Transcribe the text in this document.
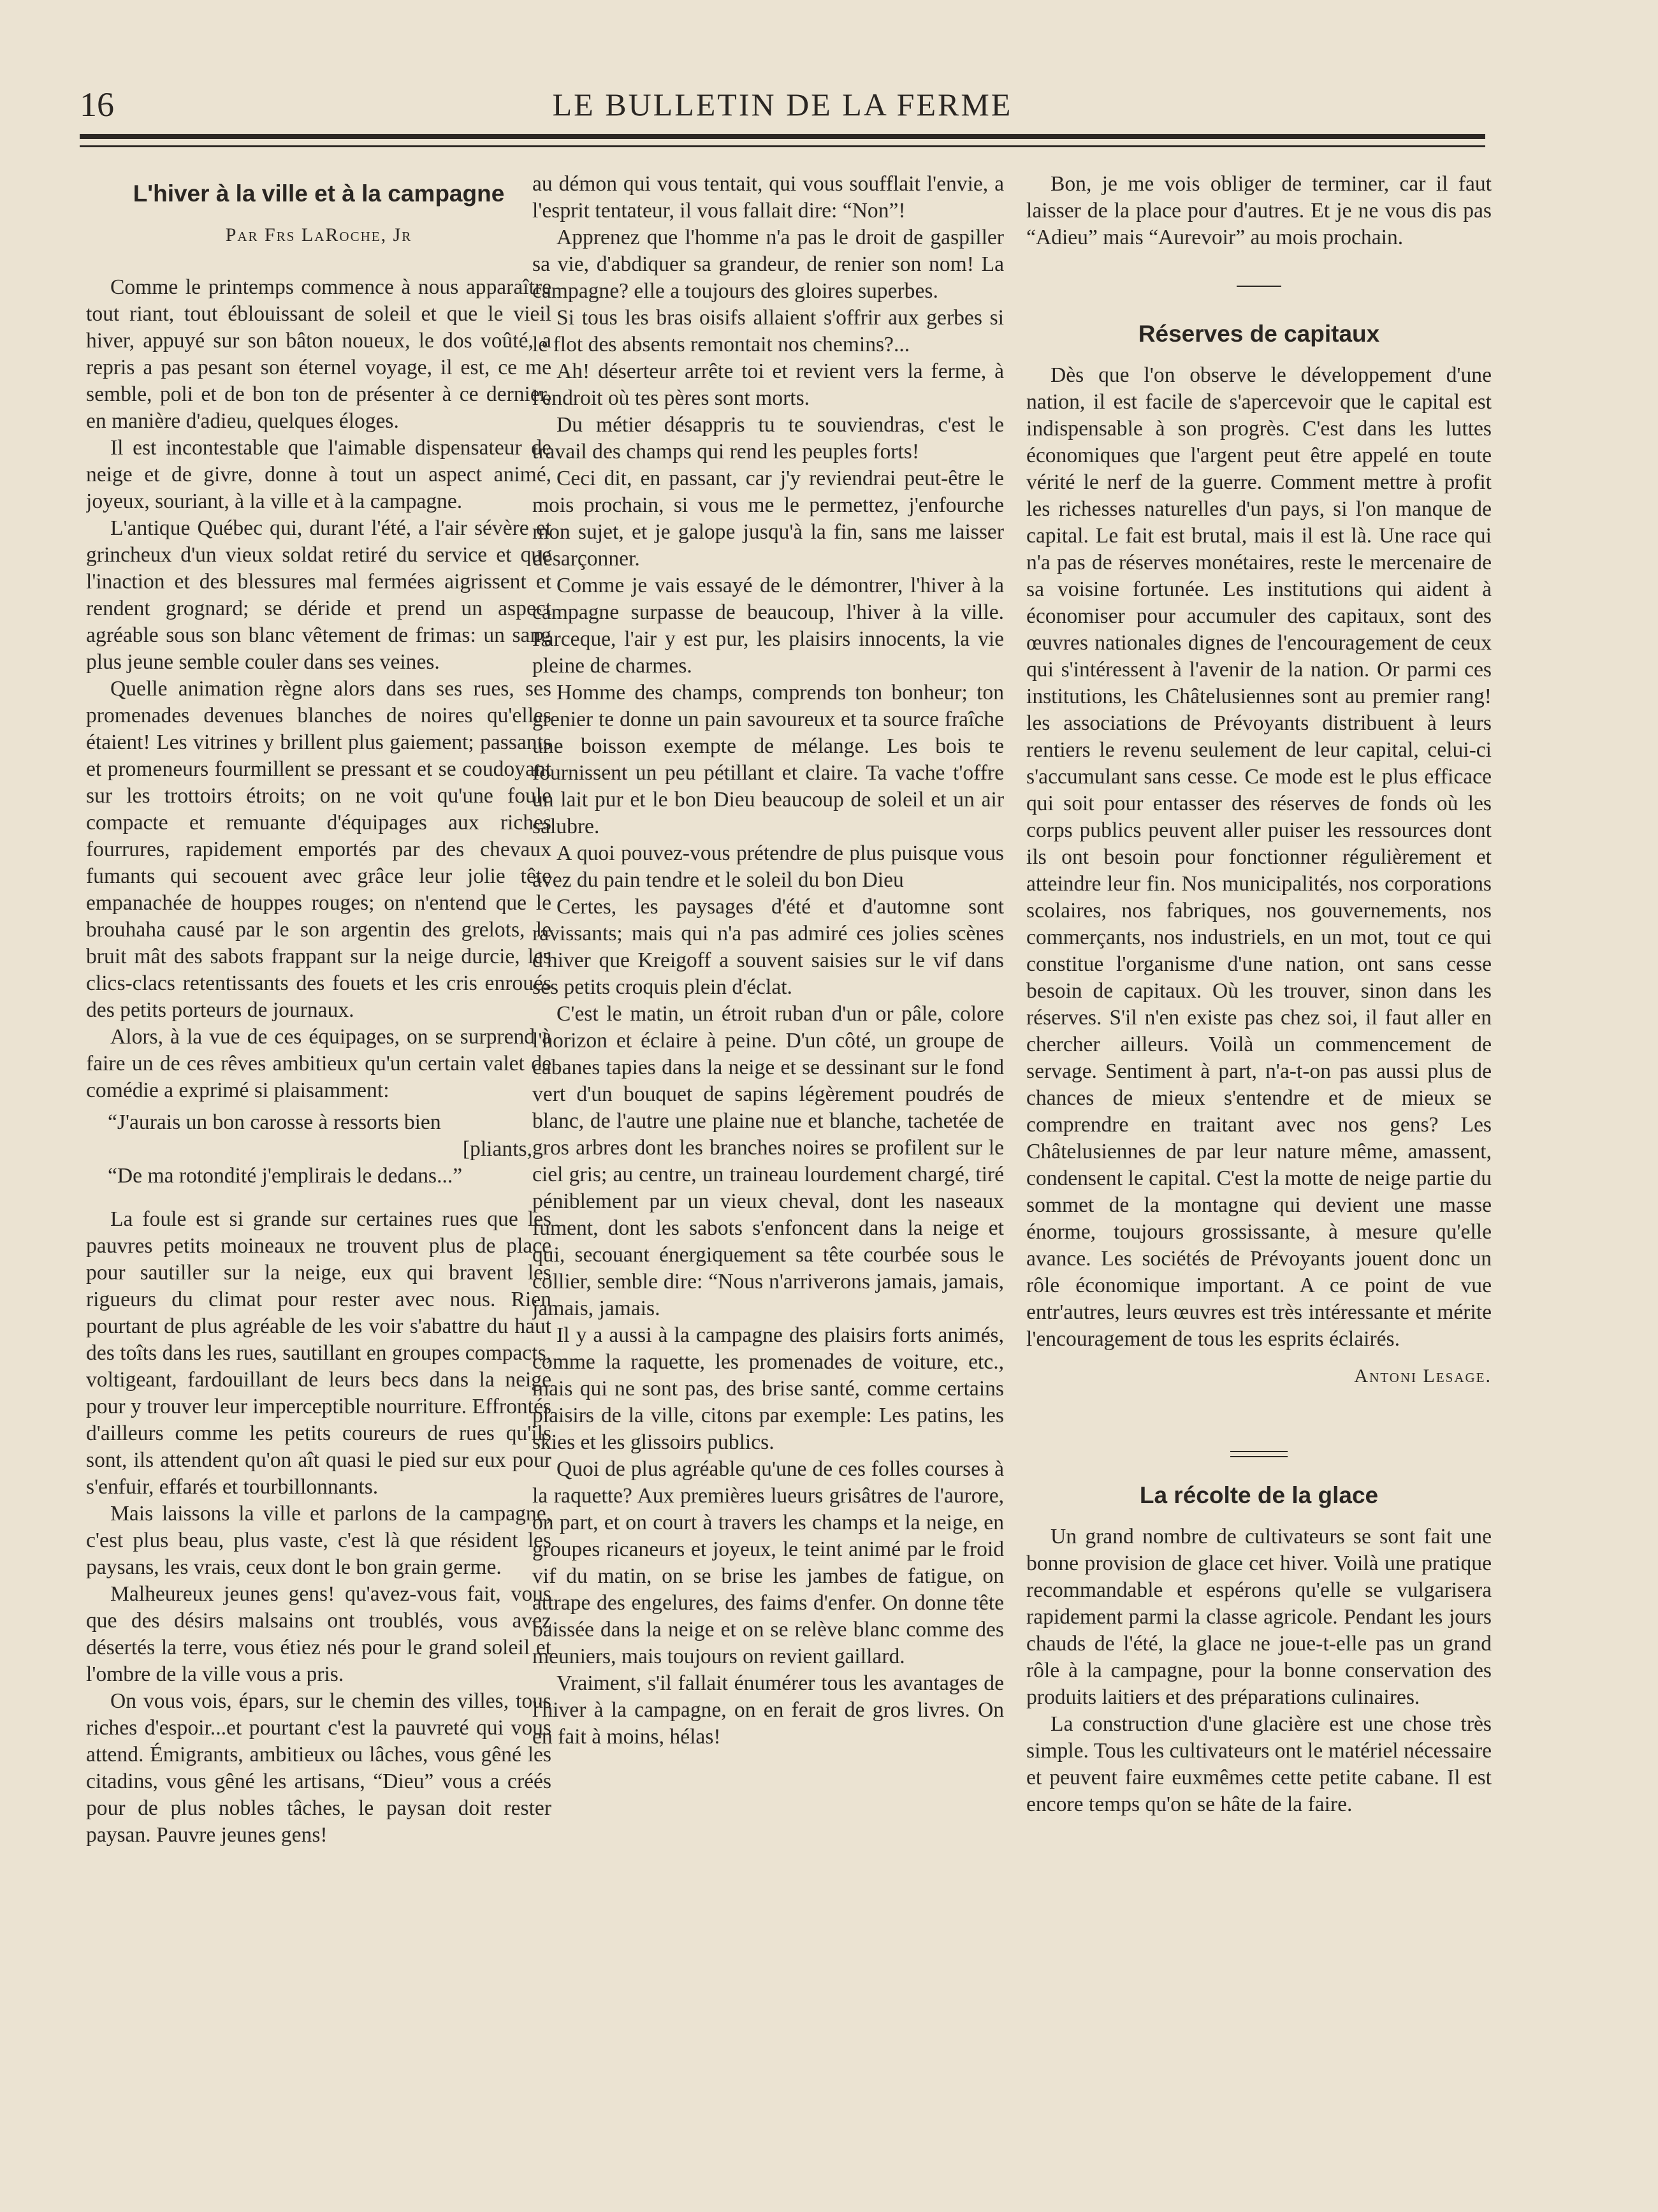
16	LE BULLETIN DE LA FERME
L'hiver à la ville et à la campagne
Par Frs LaRoche, Jr

Comme le printemps commence à nous apparaître tout riant, tout éblouissant de soleil et que le vieil hiver, appuyé sur son bâton noueux, le dos voûté, a repris a pas pesant son éternel voyage, il est, ce me semble, poli et de bon ton de présenter à ce dernier, en manière d'adieu, quelques éloges.

Il est incontestable que l'aimable dispensateur de neige et de givre, donne à tout un aspect animé, joyeux, souriant, à la ville et à la campagne.

L'antique Québec qui, durant l'été, a l'air sévère et grincheux d'un vieux soldat retiré du service et que l'inaction et des blessures mal fermées aigrissent et rendent grognard; se déride et prend un aspect agréable sous son blanc vêtement de frimas: un sang plus jeune semble couler dans ses veines.

Quelle animation règne alors dans ses rues, ses promenades devenues blanches de noires qu'elles étaient! Les vitrines y brillent plus gaiement; passants et promeneurs fourmillent se pressant et se coudoyant sur les trottoirs étroits; on ne voit qu'une foule compacte et remuante d'équipages aux riches fourrures, rapidement emportés par des chevaux fumants qui secouent avec grâce leur jolie tête empanachée de houppes rouges; on n'entend que le brouhaha causé par le son argentin des grelots, le bruit mât des sabots frappant sur la neige durcie, les clics-clacs retentissants des fouets et les cris enroués des petits porteurs de journaux.

Alors, à la vue de ces équipages, on se surprend à faire un de ces rêves ambitieux qu'un certain valet de comédie a exprimé si plaisamment:

“J'aurais un bon carosse à ressorts bien
[pliants,
“De ma rotondité j'emplirais le dedans...”

La foule est si grande sur certaines rues que les pauvres petits moineaux ne trouvent plus de place pour sautiller sur la neige, eux qui bravent les rigueurs du climat pour rester avec nous. Rien pourtant de plus agréable de les voir s'abattre du haut des toîts dans les rues, sautillant en groupes compacts, voltigeant, fardouillant de leurs becs dans la neige pour y trouver leur imperceptible nourriture. Effrontés d'ailleurs comme les petits coureurs de rues qu'ils sont, ils attendent qu'on aît quasi le pied sur eux pour s'enfuir, effarés et tourbillonnants.

Mais laissons la ville et parlons de la campagne, c'est plus beau, plus vaste, c'est là que résident les paysans, les vrais, ceux dont le bon grain germe.

Malheureux jeunes gens! qu'avez-vous fait, vous que des désirs malsains ont troublés, vous avez désertés la terre, vous étiez nés pour le grand soleil et l'ombre de la ville vous a pris.

On vous vois, épars, sur le chemin des villes, tous riches d'espoir...et pourtant c'est la pauvreté qui vous attend. Émigrants, ambitieux ou lâches, vous gêné les citadins, vous gêné les artisans, “Dieu” vous a créés pour de plus nobles tâches, le paysan doit rester paysan. Pauvre jeunes gens!

au démon qui vous tentait, qui vous soufflait l'envie, a l'esprit tentateur, il vous fallait dire: “Non”!

Apprenez que l'homme n'a pas le droit de gaspiller sa vie, d'abdiquer sa grandeur, de renier son nom! La campagne? elle a toujours des gloires superbes.

Si tous les bras oisifs allaient s'offrir aux gerbes si le flot des absents remontait nos chemins?...

Ah! déserteur arrête toi et revient vers la ferme, à l'endroit où tes pères sont morts.

Du métier désappris tu te souviendras, c'est le travail des champs qui rend les peuples forts!

Ceci dit, en passant, car j'y reviendrai peut-être le mois prochain, si vous me le permettez, j'enfourche mon sujet, et je galope jusqu'à la fin, sans me laisser désarçonner.

Comme je vais essayé de le démontrer, l'hiver à la campagne surpasse de beaucoup, l'hiver à la ville. Parceque, l'air y est pur, les plaisirs innocents, la vie pleine de charmes.

Homme des champs, comprends ton bonheur; ton grenier te donne un pain savoureux et ta source fraîche une boisson exempte de mélange. Les bois te fournissent un peu pétillant et claire. Ta vache t'offre un lait pur et le bon Dieu beaucoup de soleil et un air salubre.

A quoi pouvez-vous prétendre de plus puisque vous avez du pain tendre et le soleil du bon Dieu

Certes, les paysages d'été et d'automne sont ravissants; mais qui n'a pas admiré ces jolies scènes d'hiver que Kreigoff a souvent saisies sur le vif dans ses petits croquis plein d'éclat.

C'est le matin, un étroit ruban d'un or pâle, colore l'horizon et éclaire à peine. D'un côté, un groupe de cabanes tapies dans la neige et se dessinant sur le fond vert d'un bouquet de sapins légèrement poudrés de blanc, de l'autre une plaine nue et blanche, tachetée de gros arbres dont les branches noires se profilent sur le ciel gris; au centre, un traineau lourdement chargé, tiré péniblement par un vieux cheval, dont les naseaux fument, dont les sabots s'enfoncent dans la neige et qui, secouant énergiquement sa tête courbée sous le collier, semble dire: “Nous n'arriverons jamais, jamais, jamais, jamais.

Il y a aussi à la campagne des plaisirs forts animés, comme la raquette, les promenades de voiture, etc., mais qui ne sont pas, des brise santé, comme certains plaisirs de la ville, citons par exemple: Les patins, les skies et les glissoirs publics.

Quoi de plus agréable qu'une de ces folles courses à la raquette? Aux premières lueurs grisâtres de l'aurore, on part, et on court à travers les champs et la neige, en groupes ricaneurs et joyeux, le teint animé par le froid vif du matin, on se brise les jambes de fatigue, on attrape des engelures, des faims d'enfer. On donne tête baissée dans la neige et on se relève blanc comme des meuniers, mais toujours on revient gaillard.

Vraiment, s'il fallait énumérer tous les avantages de l'hiver à la campagne, on en ferait de gros livres. On en fait à moins, hélas!

Bon, je me vois obliger de terminer, car il faut laisser de la place pour d'autres. Et je ne vous dis pas “Adieu” mais “Aurevoir” au mois prochain.

Réserves de capitaux

Dès que l'on observe le développement d'une nation, il est facile de s'apercevoir que le capital est indispensable à son progrès. C'est dans les luttes économiques que l'argent peut être appelé en toute vérité le nerf de la guerre. Comment mettre à profit les richesses naturelles d'un pays, si l'on manque de capital. Le fait est brutal, mais il est là. Une race qui n'a pas de réserves monétaires, reste le mercenaire de sa voisine fortunée. Les institutions qui aident à économiser pour accumuler des capitaux, sont des œuvres nationales dignes de l'encouragement de ceux qui s'intéressent à l'avenir de la nation. Or parmi ces institutions, les Châtelusiennes sont au premier rang! les associations de Prévoyants distribuent à leurs rentiers le revenu seulement de leur capital, celui-ci s'accumulant sans cesse. Ce mode est le plus efficace qui soit pour entasser des réserves de fonds où les corps publics peuvent aller puiser les ressources dont ils ont besoin pour fonctionner régulièrement et atteindre leur fin. Nos municipalités, nos corporations scolaires, nos fabriques, nos gouvernements, nos commerçants, nos industriels, en un mot, tout ce qui constitue l'organisme d'une nation, ont sans cesse besoin de capitaux. Où les trouver, sinon dans les réserves. S'il n'en existe pas chez soi, il faut aller en chercher ailleurs. Voilà un commencement de servage. Sentiment à part, n'a-t-on pas aussi plus de chances de mieux s'entendre et de mieux se comprendre en traitant avec nos gens? Les Châtelusiennes de par leur nature même, amassent, condensent le capital. C'est la motte de neige partie du sommet de la montagne qui devient une masse énorme, toujours grossissante, à mesure qu'elle avance. Les sociétés de Prévoyants jouent donc un rôle économique important. A ce point de vue entr'autres, leurs œuvres est très intéressante et mérite l'encouragement de tous les esprits éclairés.

Antoni Lesage.
La récolte de la glace

Un grand nombre de cultivateurs se sont fait une bonne provision de glace cet hiver. Voilà une pratique recommandable et espérons qu'elle se vulgarisera rapidement parmi la classe agricole. Pendant les jours chauds de l'été, la glace ne joue-t-elle pas un grand rôle à la campagne, pour la bonne conservation des produits laitiers et des préparations culinaires.

La construction d'une glacière est une chose très simple. Tous les cultivateurs ont le matériel nécessaire et peuvent faire euxmêmes cette petite cabane. Il est encore temps qu'on se hâte de la faire.
